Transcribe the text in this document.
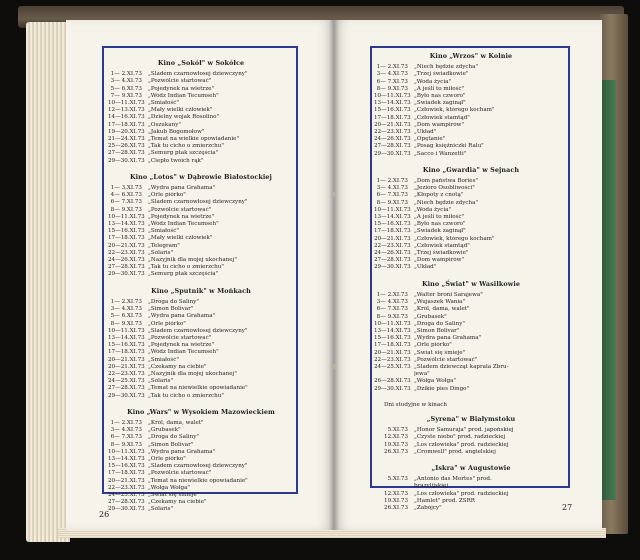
Kino „Sokół" w Sokółce
1— 2.XI.73	„Śladem czarnowłosej dziewczyny"
3— 4.XI.73	„Pozwólcie startować"
5— 6.XI.73	„Pojedynek na wietrze"
7— 9.XI.73	„Wódz Indian Tecumseh"
10—11.XI.73 „Śmiałość"
12—13.XI.73 „Mały wielki człowiek"
14—16.XI.73 „Dzielny wojak Rosolino"
17—18.XI.73 „Oszukany"
19—20.XI.73 „Jakub Bogomołow"
21—24.XI.73 „Temat na wielkie opowiadanie"
25—26.XI.73 „Tak tu cicho o zmierzchu"
27—28.XI.73 „Semurg ptak szczęścia"
29—30.XI.73 „Ciepło twoich rąk"
Kino „Lotos" w Dąbrowie Białostockiej
1— 3.XI.73	„Wydra pana Grahama"
4— 6.XI.73	„Orle piórko"
6— 7.XI.73	„Śladem czarnowłosej dziewczyny"
8— 9.XI.73	„Pozwólcie startować"
10—11.XI.73 „Pojedynek na wietrze"
13—14.XI.73 „Wódz Indian Tecumseh"
15—16.XI.73 „Śmiałość"
17—18.XI.73 „Mały wielki człowiek"
20—21.XI.73 „Telegram"
22—23.XI.73 „Solaris"
24—26.XI.73 „Nazyjnik dla mojej ukochanej"
27—28.XI.73 „Tak tu cicho o zmierzchu"
29—30.XI.73 „Semurg ptak szczęścia"
Kino „Sputnik" w Mońkach
1— 2.XI.73	„Droga do Saliny"
3— 4.XI.73	„Simon Bolivar"
5— 6.XI.73	„Wydra pana Grahama"
8— 9.XI.73	„Orle piórko"
10—11.XI.73 „Śladem czarnowłosej dziewczyny"
13—14.XI.73 „Pozwólcie startować"
15—16.XI.73 „Pojedynek na wietrze"
17—18.XI.73 „Wódz Indian Tecumseh"
20—21.XI.73 „Śmiałość"
20—21.XI.73 „Czekamy na ciebie"
22—23.XI.73 „Nazyjnik dla mojej ukochanej"
24—25.XI.73 „Solaris"
27—28.XI.73 „Temat na niewielkie opowiadanie"
29—30.XI.73 „Tak tu cicho o zmierzchu"
Kino „Wars" w Wysokiem Mazowieckiem
1— 2.XI.73	„Król, dama, walet"
3— 4.XI.73	„Grubasek"
6— 7.XI.73	„Droga do Saliny"
8— 9.XI.73	„Simon Bolivar"
10—11.XI.73 „Wydra pana Grahama"
13—14.XI.73 „Orle piórko"
15—16.XI.73 „Śladem czarnowłosej dziewczyny"
17—18.XI.73 „Pozwólcie startować"
20—21.XI.73 „Temat na niewielkie opowiadanie"
22—23.XI.73 „Wołga Wołga"
24—25.XI.73 „Świat się śmieje"
27—28.XI.73 „Czekamy na ciebie"
29—30.XI.73 „Solaris"
Kino „Wrzos" w Kolnie
1— 2.XI.73	„Niech będzie zdycha"
3— 4.XI.73	„Trzej świadkowie"
6— 7.XI.73	„Woda życia"
8— 9.XI.73	„A jeśli to miłość"
10—11.XI.73 „Było nas czworo"
13—14.XI.73 „Świadek zaginął"
15—16.XI.73 „Człowiek, którego kocham"
17—18.XI.73 „Człowiek stamtąd"
20—21.XI.73 „Dom wampirów"
22—23.XI.73 „Układ"
24—26.XI.73 „Opętanie"
27—28.XI.73 „Posag księżniczki Ralu"
29—30.XI.73 „Sacco i Wanzetti"
Kino „Gwardia" w Sejnach
1— 2.XI.73	„Dom państwa Bories"
3— 4.XI.73	„Jezioro Osobliwości"
6— 7.XI.73	„Kłopoty z cnotą"
8— 9.XI.73	„Niech będzie zdycha"
10—11.XI.73 „Woda życia"
13—14.XI.73 „A jeśli to miłość"
15—16.XI.73 „Było nas czworo"
17—18.XI.73 „Świadek zaginął"
20—21.XI.73 „Człowiek, którego kocham"
22—23.XI.73 „Człowiek stamtąd"
24—26.XI.73 „Trzej świadkowie"
27—28.XI.73 „Dom wampirów"
29—30.XI.73 „Układ"
Kino „Świat" w Wasilkowie
1— 2.XI.73	„Walter broni Sarajewa"
3— 4.XI.73	„Wujaszek Wania"
6— 7.XI.73	„Król, dama, walet"
8— 9.XI.73	„Grubasek"
10—11.XI.73 „Droga do Saliny"
13—14.XI.73 „Simon Bolivar"
15—16.XI.73 „Wydra pana Grahama"
17—18.XI.73 „Orle piórko"
20—21.XI.73 „Świat się śmieje"
22—23.XI.73 „Pozwólcie startować"
24—25.XI.73 „Śladem dziewcząt kaprala Zbru-
jewa"
26—28.XI.73 „Wołga Wołga"
29—30.XI.73 „Dzikie pies Dingo"
Dni studyjne w kinach
„Syrena" w Białymstoku
5.XI.73	„Honor Samuraja" prod. japońskiej
12.XI.73	„Czyste niebo" prod. radzieckiej
19.XI.73	„Los człowieka" prod. radzieckiej
26.XI.73	„Cromwell" prod. angielskiej
„Iskra" w Augustowie
5.XI.73	„Antonio das Mortes" prod.
brazylijskiej
12.XI.73	„Los człowieka" prod. radzieckiej
19.XI.73	„Hamlet" prod. ZSRR
26.XI.73	„Zabójcy"
26
27
